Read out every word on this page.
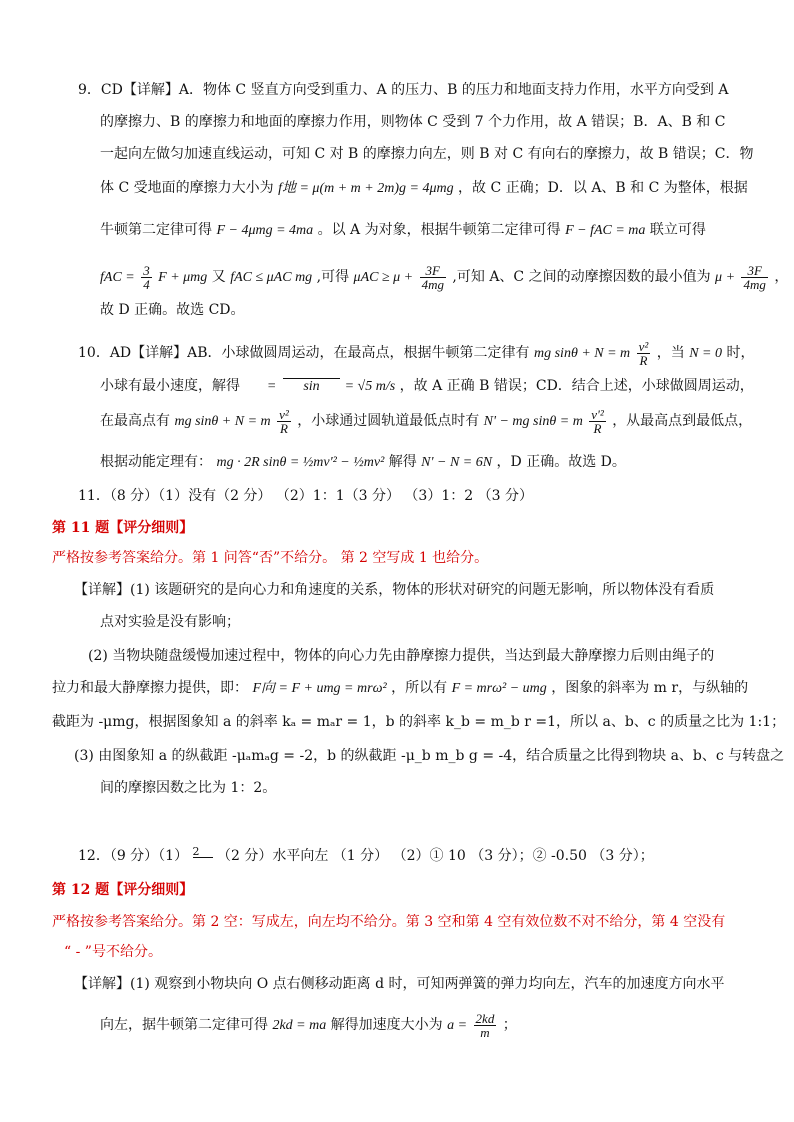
9．CD【详解】A．物体 C 竖直方向受到重力、A 的压力、B 的压力和地面支持力作用，水平方向受到 A
的摩擦力、B 的摩擦力和地面的摩擦力作用，则物体 C 受到 7 个力作用，故 A 错误；B．A、B 和 C
一起向左做匀加速直线运动，可知 C 对 B 的摩擦力向左，则 B 对 C 有向右的摩擦力，故 B 错误；C．物
体 C 受地面的摩擦力大小为 f地 = μ(m + m + 2m)g = 4μmg ，故 C 正确；D．以 A、B 和 C 为整体，根据
牛顿第二定律可得 F − 4μmg = 4ma 。以 A 为对象，根据牛顿第二定律可得 F − fAC = ma 联立可得
fAC = $\frac{3}{4}$ F + μmg 又 fAC ≤ μAC mg ,可得 $\mu AC \ge \mu + \frac{3F}{4mg}$ ,可知 A、C 之间的动摩擦因数的最小值为 $\mu + \frac{3F}{4mg}$ ，
故 D 正确。故选 CD。
10．AD【详解】AB．小球做圆周运动，在最高点，根据牛顿第二定律有 mg sinθ + N = m $\frac{\text{v²}}{R}$ ，当 N = 0 时，
小球有最小速度，解得 = sin = √5 m/s ，故 A 正确 B 错误；CD．结合上述，小球做圆周运动，
在最高点有 mg sinθ + N = m $\frac{\text{v²}}{R}$ ，小球通过圆轨道最低点时有 N' − mg sinθ = m $\frac{\text{v'²}}{R}$ ，从最高点到最低点，
根据动能定理有： mg · 2R sinθ = ½mv'² − ½mv² 解得 N' − N = 6N ，D 正确。故选 D。
11．（8 分）（1）没有（2 分） （2）1：1（3 分） （3）1：2 （3 分）
第 11 题【评分细则】
严格按参考答案给分。第 1 问答“否”不给分。 第 2 空写成 1 也给分。
【详解】(1) 该题研究的是向心力和角速度的关系，物体的形状对研究的问题无影响，所以物体没有看质
点对实验是没有影响；
(2) 当物块随盘缓慢加速过程中，物体的向心力先由静摩擦力提供，当达到最大静摩擦力后则由绳子的
拉力和最大静摩擦力提供，即： F向 = F + umg = mrω² ，所以有 F = mrω² − umg ，图象的斜率为 m r，与纵轴的
截距为 -μmg，根据图象知 a 的斜率 kₐ = mₐr = 1，b 的斜率 k_b = m_b r =1，所以 a、b、c 的质量之比为 1:1；
(3) 由图象知 a 的纵截距 -μₐmₐg = -2，b 的纵截距 -μ_b m_b g = -4，结合质量之比得到物块 a、b、c 与转盘之
间的摩擦因数之比为 1：2。
12．（9 分）（1） 2 （2 分）水平向左 （1 分） （2）① 10 （3 分）；② -0.50 （3 分）；
第 12 题【评分细则】
严格按参考答案给分。第 2 空：写成左，向左均不给分。第 3 空和第 4 空有效位数不对不给分，第 4 空没有
“ - ”号不给分。
【详解】(1) 观察到小物块向 O 点右侧移动距离 d 时，可知两弹簧的弹力均向左，汽车的加速度方向水平
向左，据牛顿第二定律可得 2kd = ma 解得加速度大小为 $a = \frac{2kd}{m}$ ；
